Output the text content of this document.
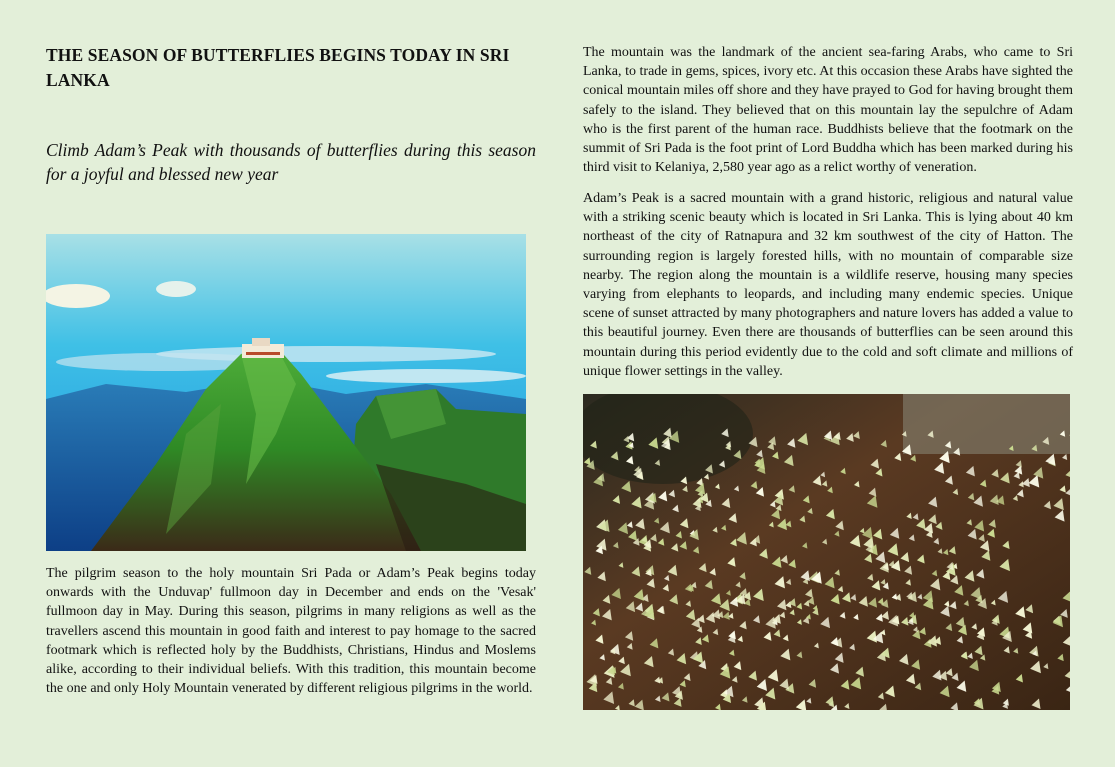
THE SEASON OF BUTTERFLIES BEGINS TODAY IN SRI LANKA

Climb Adam’s Peak with thousands of butterflies during this season for a joyful and blessed new year

The pilgrim season to the holy mountain Sri Pada or Adam’s Peak begins today onwards with the Unduvap' fullmoon day in December and ends on the 'Vesak' fullmoon day in May. During this season, pilgrims in many religions as well as the travellers ascend this mountain in good faith and interest to pay homage to the sacred footmark which is reflected holy by the Buddhists, Christians, Hindus and Moslems alike, according to their individual beliefs. With this tradition, this mountain become the one and only Holy Mountain venerated by different religious pilgrims in the world.

The mountain was the landmark of the ancient sea-faring Arabs, who came to Sri Lanka, to trade in gems, spices, ivory etc. At this occasion these Arabs have sighted the conical mountain miles off shore and they have prayed to God for having brought them safely to the island. They believed that on this mountain lay the sepulchre of Adam who is the first parent of the human race. Buddhists believe that the footmark on the summit of Sri Pada is the foot print of Lord Buddha which has been marked during his third visit to Kelaniya, 2,580 year ago as a relict worthy of veneration.

Adam’s Peak is a sacred mountain with a grand historic, religious and natural value with a striking scenic beauty which is located in Sri Lanka. This is lying about 40 km northeast of the city of Ratnapura and 32 km southwest of the city of Hatton. The surrounding region is largely forested hills, with no mountain of comparable size nearby. The region along the mountain is a wildlife reserve, housing many species varying from elephants to leopards, and including many endemic species. Unique scene of sunset attracted by many photographers and nature lovers has added a value to this beautiful journey. Even there are thousands of butterflies can be seen around this mountain during this period evidently due to the cold and soft climate and millions of unique flower settings in the valley.
